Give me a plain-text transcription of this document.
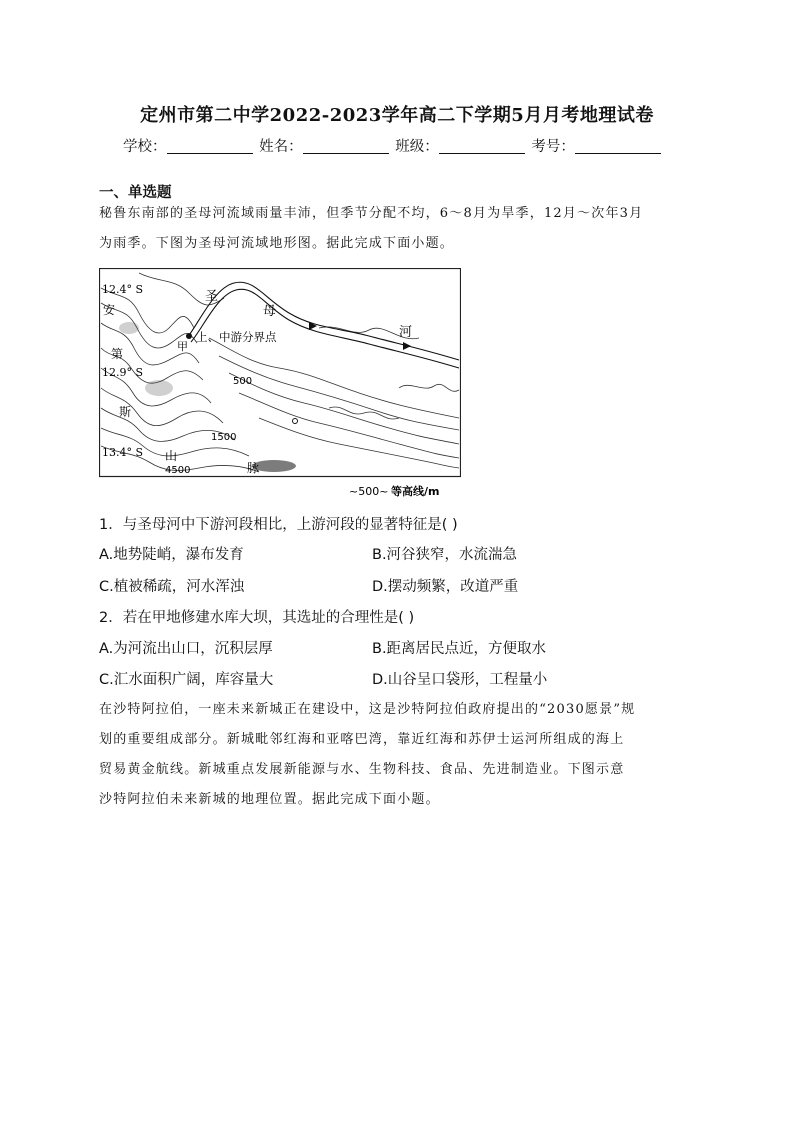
定州市第二中学2022-2023学年高二下学期5月月考地理试卷
学校：	姓名：	班级：	考号：
一、单选题
秘鲁东南部的圣母河流域雨量丰沛，但季节分配不均，6～8月为旱季，12月～次年3月
为雨季。下图为圣母河流域地形图。据此完成下面小题。
12.4° S
12.9° S
13.4° S
圣
母
河
安
第
斯
山
脉
甲
上、中游分界点
500
1500
4500
~500~ 等高线/m
1．与圣母河中下游河段相比，上游河段的显著特征是( )
A.地势陡峭，瀑布发育	B.河谷狭窄，水流湍急
C.植被稀疏，河水浑浊	D.摆动频繁，改道严重
2．若在甲地修建水库大坝，其选址的合理性是( )
A.为河流出山口，沉积层厚	B.距离居民点近，方便取水
C.汇水面积广阔，库容量大	D.山谷呈口袋形，工程量小
在沙特阿拉伯，一座未来新城正在建设中，这是沙特阿拉伯政府提出的“2030愿景”规
划的重要组成部分。新城毗邻红海和亚喀巴湾，靠近红海和苏伊士运河所组成的海上
贸易黄金航线。新城重点发展新能源与水、生物科技、食品、先进制造业。下图示意
沙特阿拉伯未来新城的地理位置。据此完成下面小题。
